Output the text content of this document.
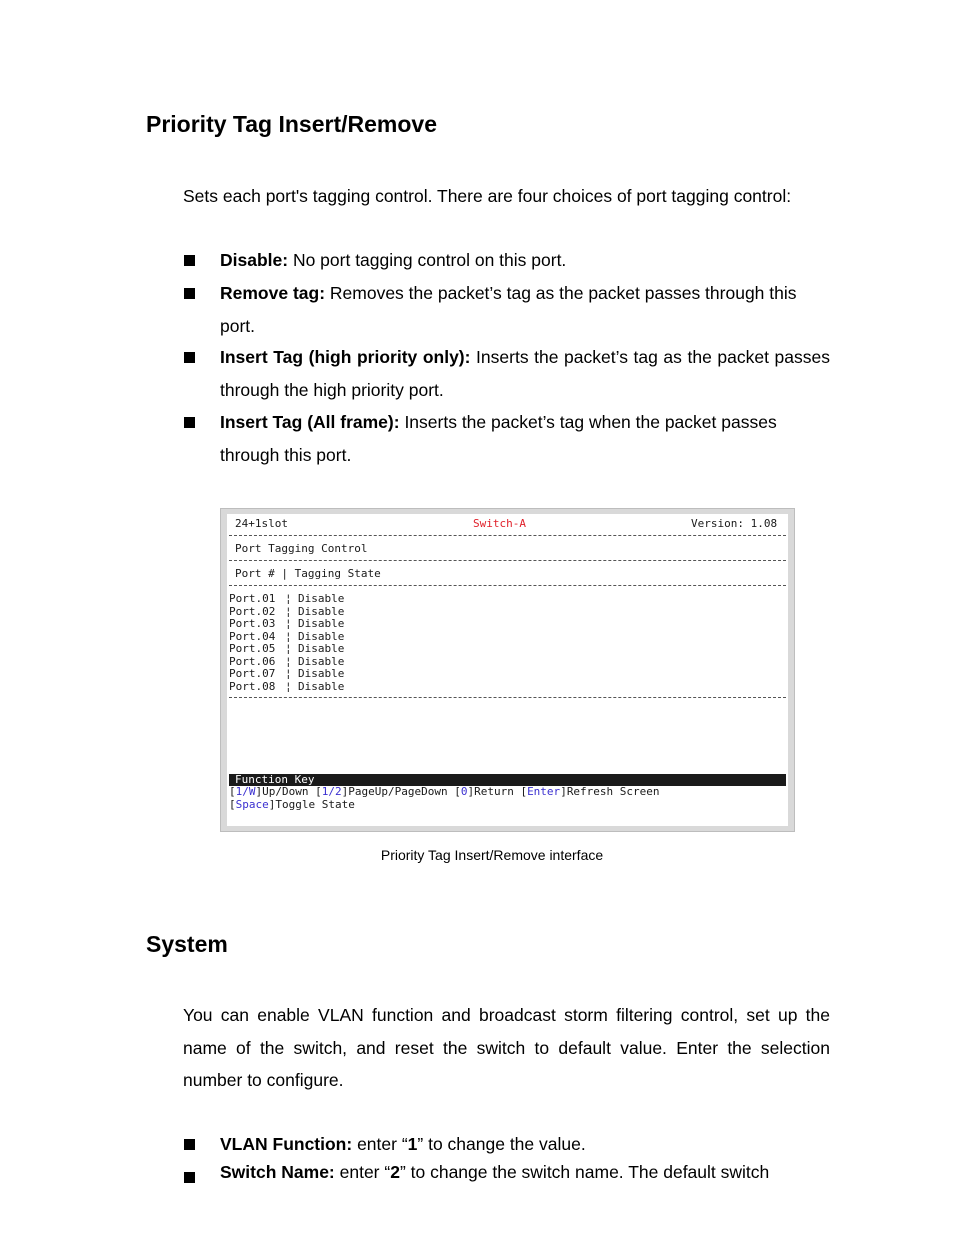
Priority Tag Insert/Remove

Sets each port's tagging control. There are four choices of port tagging control:

Disable: No port tagging control on this port.
Remove tag: Removes the packet’s tag as the packet passes through this port.
Insert Tag (high priority only): Inserts the packet’s tag as the packet passes through the high priority port.
Insert Tag (All frame): Inserts the packet’s tag when the packet passes through this port.
24+1slot	Switch-A	Version: 1.08
Port Tagging Control
Port # | Tagging State
Port.01 ¦ Disable
Port.02 ¦ Disable
Port.03 ¦ Disable
Port.04 ¦ Disable
Port.05 ¦ Disable
Port.06 ¦ Disable
Port.07 ¦ Disable
Port.08 ¦ Disable
Function Key
[1/W]Up/Down [1/2]PageUp/PageDown [0]Return [Enter]Refresh Screen
[Space]Toggle State
Priority Tag Insert/Remove interface
System

You can enable VLAN function and broadcast storm filtering control, set up the name of the switch, and reset the switch to default value. Enter the selection number to configure.

VLAN Function: enter “1” to change the value.
Switch Name: enter “2” to change the switch name. The default switch
